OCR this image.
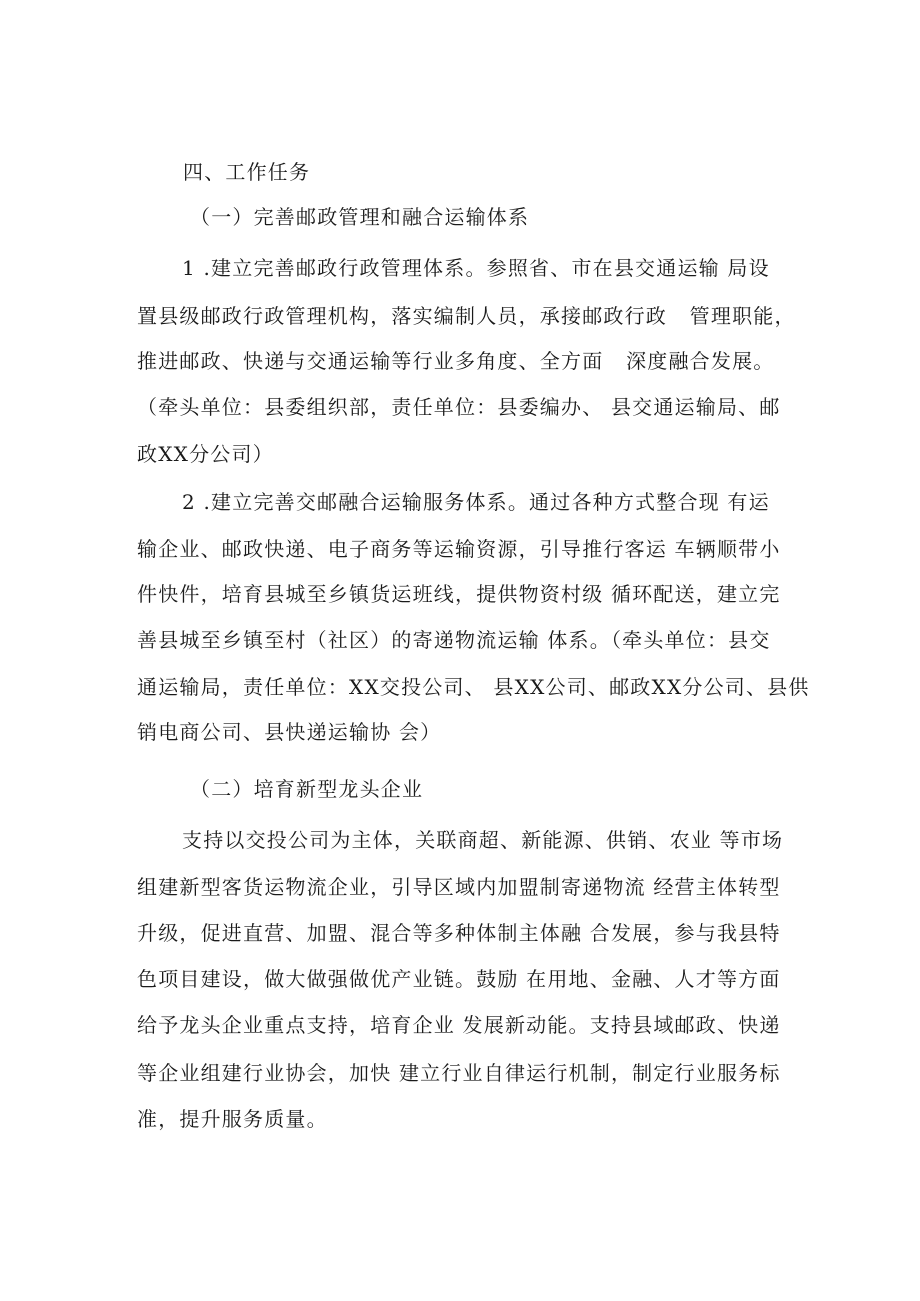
四、工作任务
（一）完善邮政管理和融合运输体系
1 .建立完善邮政行政管理体系。参照省、市在县交通运输 局设
置县级邮政行政管理机构，落实编制人员，承接邮政行政   管理职能，
推进邮政、快递与交通运输等行业多角度、全方面   深度融合发展。
（牵头单位：县委组织部，责任单位：县委编办、 县交通运输局、邮
政XX分公司）
2 .建立完善交邮融合运输服务体系。通过各种方式整合现 有运
输企业、邮政快递、电子商务等运输资源，引导推行客运 车辆顺带小
件快件，培育县城至乡镇货运班线，提供物资村级 循环配送，建立完
善县城至乡镇至村（社区）的寄递物流运输 体系。（牵头单位：县交
通运输局，责任单位：XX交投公司、 县XX公司、邮政XX分公司、县供
销电商公司、县快递运输协 会）
（二）培育新型龙头企业
支持以交投公司为主体，关联商超、新能源、供销、农业 等市场
组建新型客货运物流企业，引导区域内加盟制寄递物流 经营主体转型
升级，促进直营、加盟、混合等多种体制主体融 合发展，参与我县特
色项目建设，做大做强做优产业链。鼓励 在用地、金融、人才等方面
给予龙头企业重点支持，培育企业 发展新动能。支持县域邮政、快递
等企业组建行业协会，加快 建立行业自律运行机制，制定行业服务标
准，提升服务质量。
